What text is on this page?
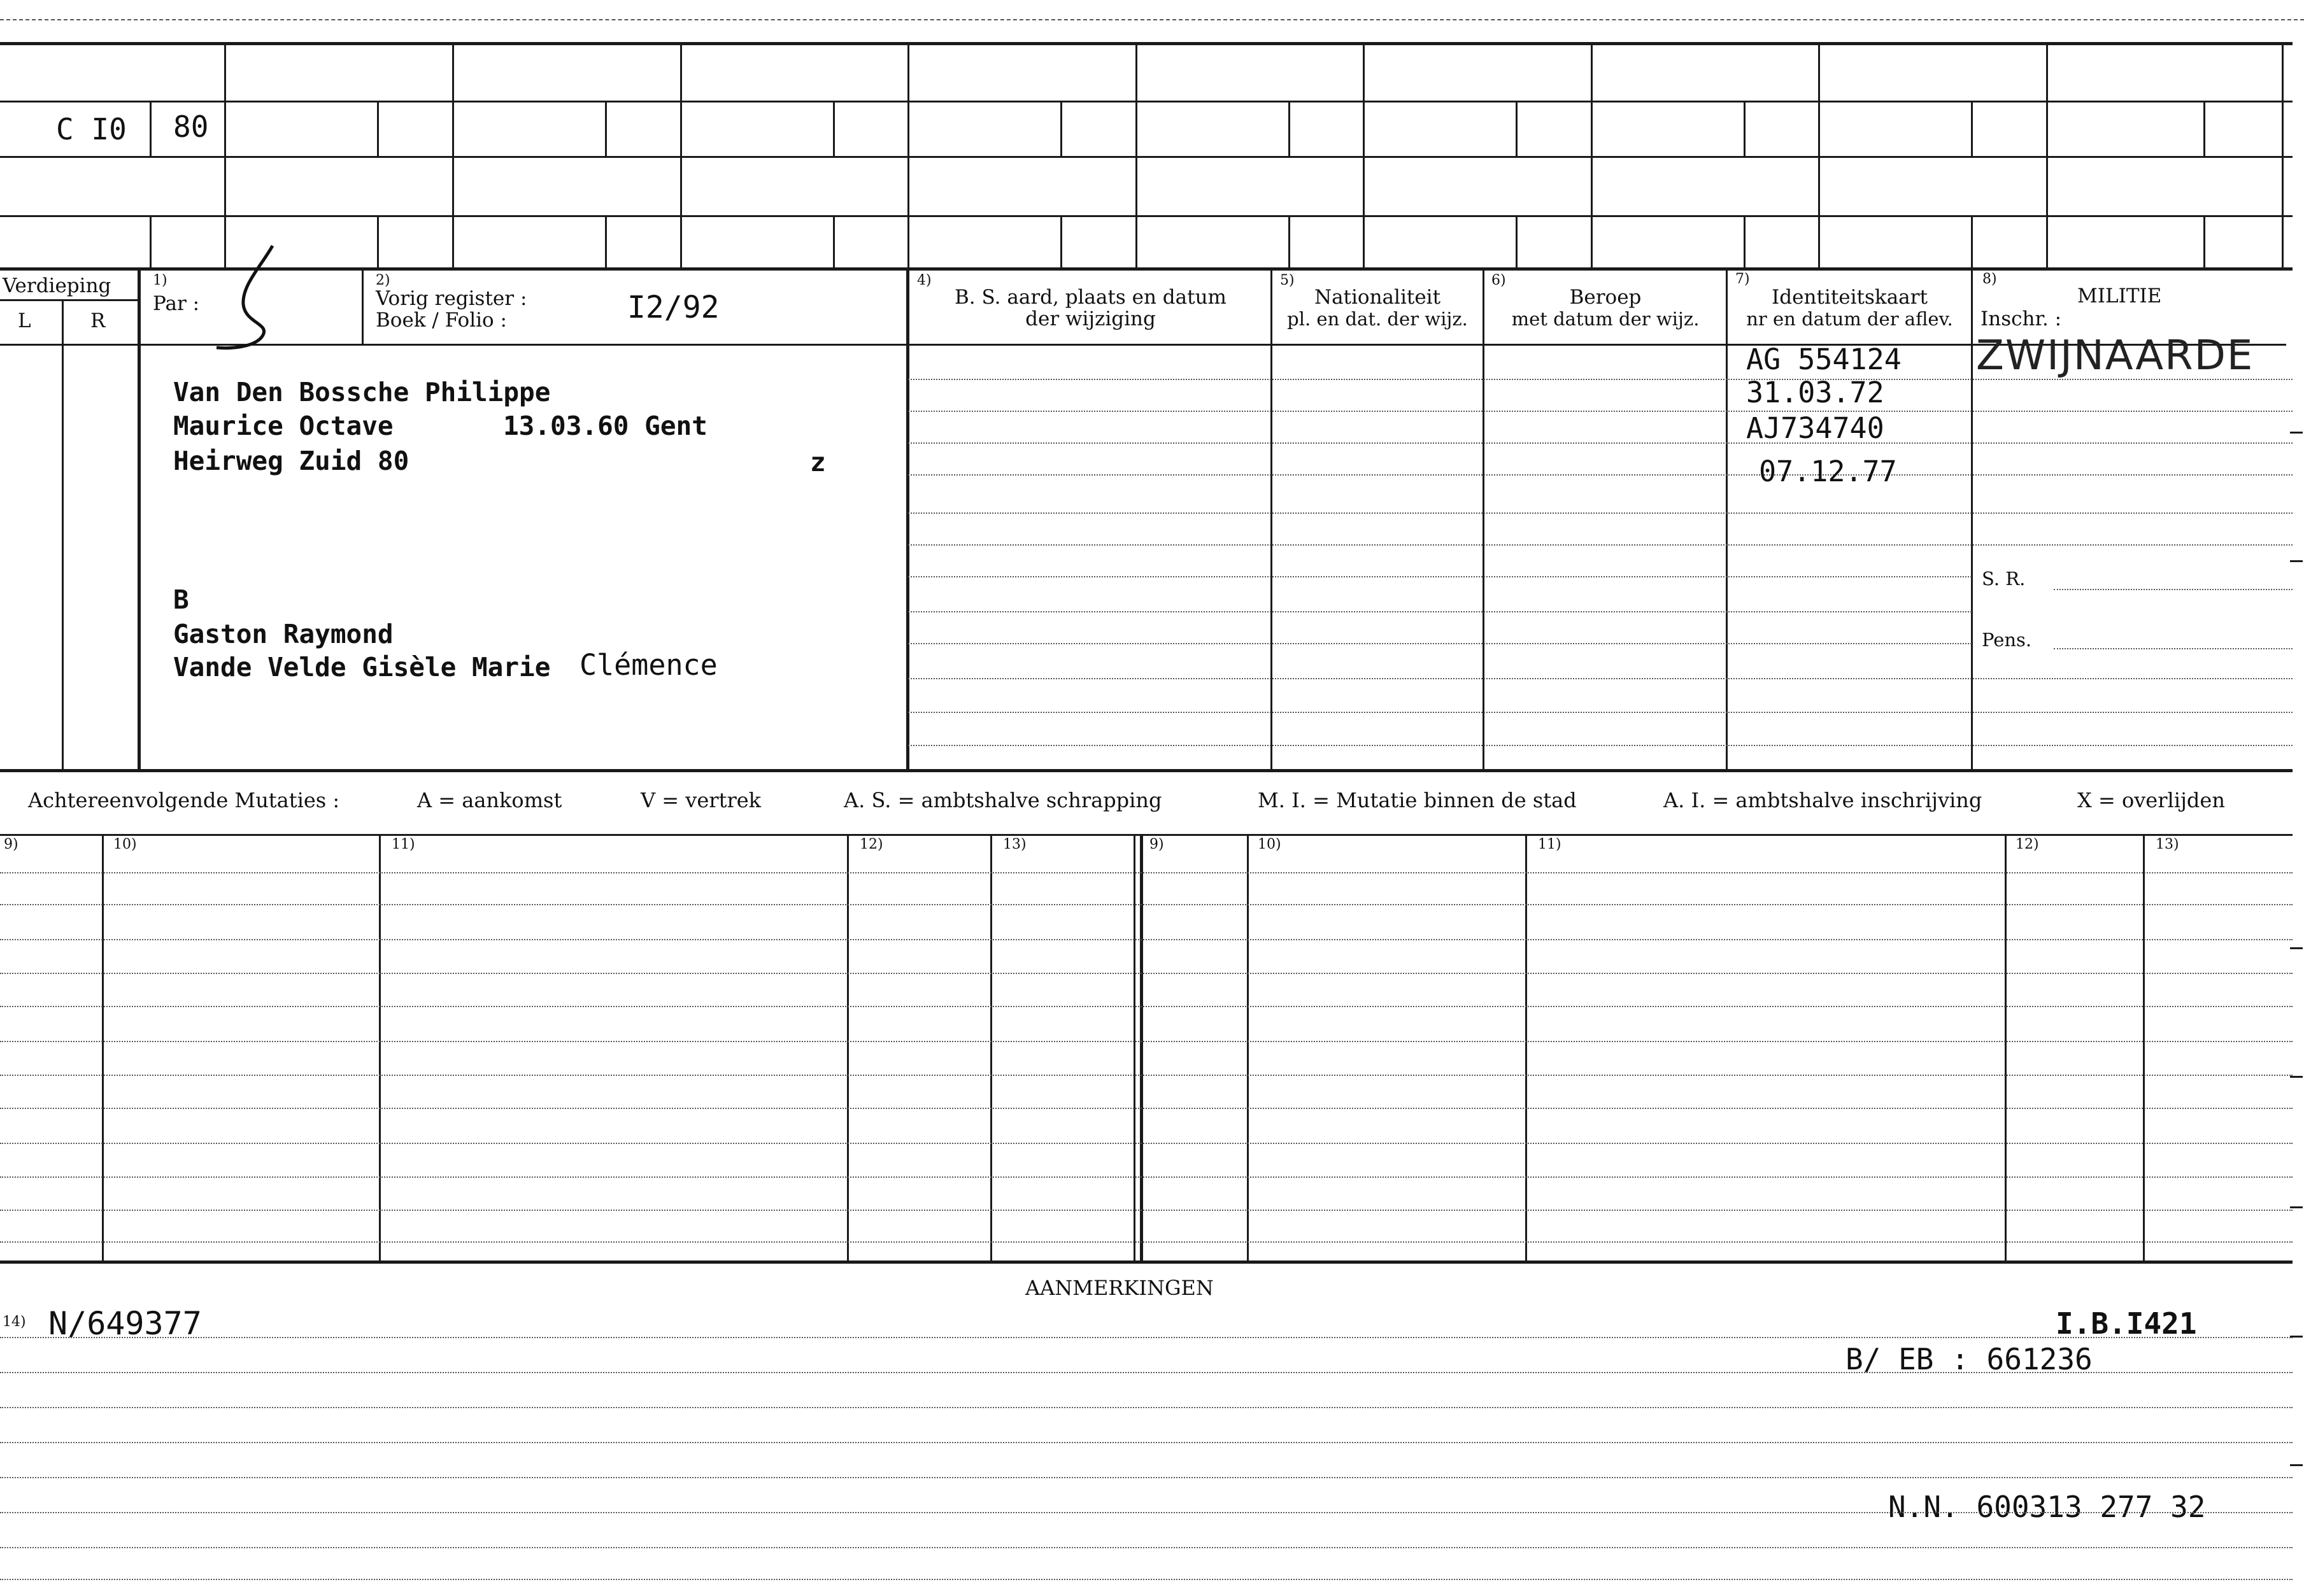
C I0 80
Verdieping
L	R
1)
Par :
2)
Vorig register :
Boek / Folio :	I2/92
4)
B. S. aard, plaats en datum
der wijziging
5)
Nationaliteit
pl. en dat. der wijz.
6)
Beroep
met datum der wijz.
7)
Identiteitskaart
nr en datum der aflev.
8)
MILITIE
Inschr. :
S. R.
Pens.
Van Den Bossche Philippe
Maurice Octave	13.03.60 Gent
Heirweg Zuid 80	z
B
Gaston Raymond
Vande Velde Gisèle Marie Clémence
AG 554124
31.03.72
AJ734740
07.12.77
ZWIJNAARDE
Achtereenvolgende Mutaties :	A = aankomst	V = vertrek	A. S. = ambtshalve schrapping	M. I. = Mutatie binnen de stad	A. I. = ambtshalve inschrijving	X = overlijden
9)	10)	11)	12)	13)	9)	10)	11)	12)	13)
AANMERKINGEN
14) N/649377	I.B.I421
B/ EB : 661236
N.N. 600313 277 32
